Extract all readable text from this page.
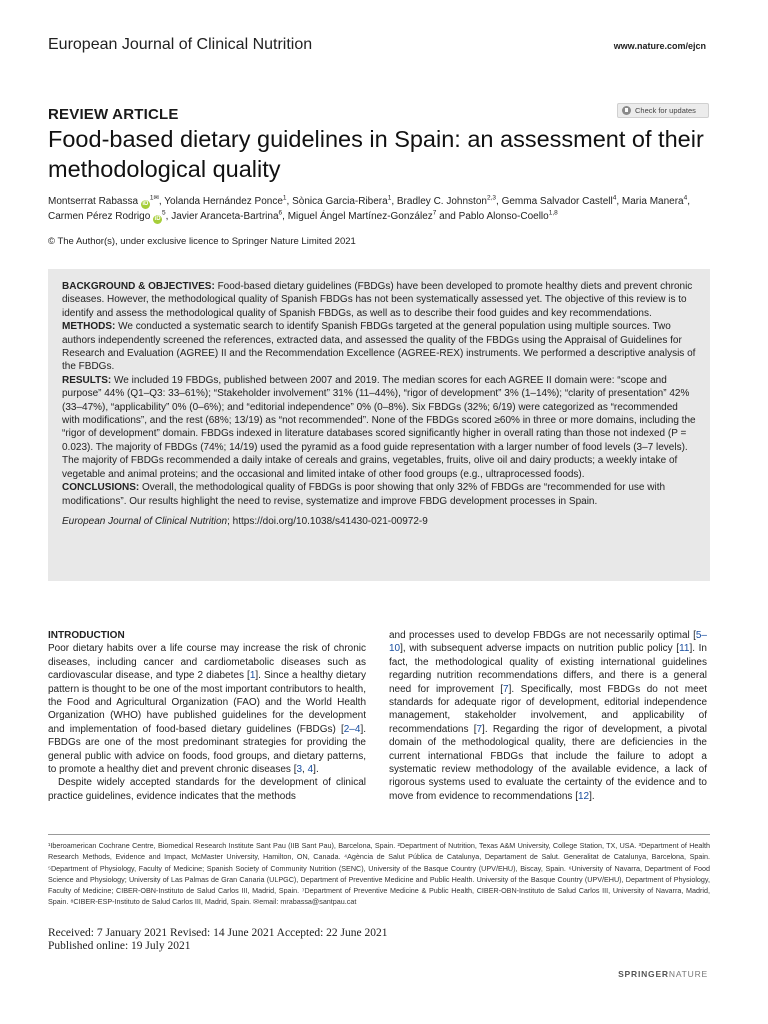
European Journal of Clinical Nutrition	www.nature.com/ejcn
REVIEW ARTICLE	Check for updates
Food-based dietary guidelines in Spain: an assessment of their methodological quality
Montserrat Rabassa $iD^{1✉}$, Yolanda Hernández Ponce$^1$, Sònica Garcia-Ribera$^1$, Bradley C. Johnston$^{2,3}$, Gemma Salvador Castell$^4$, Maria Manera$^4$, Carmen Pérez Rodrigo $iD^5$, Javier Aranceta-Bartrina$^6$, Miguel Ángel Martínez-González$^7$ and Pablo Alonso-Coello$^{1,8}$
© The Author(s), under exclusive licence to Springer Nature Limited 2021

BACKGROUND & OBJECTIVES: Food-based dietary guidelines (FBDGs) have been developed to promote healthy diets and prevent chronic diseases. However, the methodological quality of Spanish FBDGs has not been systematically assessed yet. The objective of this review is to identify and assess the methodological quality of Spanish FBDGs, as well as to describe their food guides and key recommendations.

METHODS: We conducted a systematic search to identify Spanish FBDGs targeted at the general population using multiple sources. Two authors independently screened the references, extracted data, and assessed the quality of the FBDGs using the Appraisal of Guidelines for Research and Evaluation (AGREE) II and the Recommendation Excellence (AGREE-REX) instruments. We performed a descriptive analysis of the FBDGs.

RESULTS: We included 19 FBDGs, published between 2007 and 2019. The median scores for each AGREE II domain were: “scope and purpose” 44% (Q1–Q3: 33–61%); “Stakeholder involvement” 31% (11–44%), “rigor of development” 3% (1–14%); “clarity of presentation” 42% (33–47%), “applicability” 0% (0–6%); and “editorial independence” 0% (0–8%). Six FBDGs (32%; 6/19) were categorized as “recommended with modifications”, and the rest (68%; 13/19) as “not recommended”. None of the FBDGs scored ≥60% in three or more domains, including the “rigor of development” domain. FBDGs indexed in literature databases scored significantly higher in overall rating than those not indexed (P = 0.023). The majority of FBDGs (74%; 14/19) used the pyramid as a food guide representation with a larger number of food levels (3–7 levels). The majority of FBDGs recommended a daily intake of cereals and grains, vegetables, fruits, olive oil and dairy products; a weekly intake of vegetable and animal proteins; and the occasional and limited intake of other food groups (e.g., ultraprocessed foods).

CONCLUSIONS: Overall, the methodological quality of FBDGs is poor showing that only 32% of FBDGs are “recommended for use with modifications”. Our results highlight the need to revise, systematize and improve FBDG development processes in Spain.

European Journal of Clinical Nutrition; https://doi.org/10.1038/s41430-021-00972-9

INTRODUCTION

Poor dietary habits over a life course may increase the risk of chronic diseases, including cancer and cardiometabolic diseases such as cardiovascular disease, and type 2 diabetes [1]. Since a healthy dietary pattern is thought to be one of the most important contributors to health, the Food and Agricultural Organization (FAO) and the World Health Organization (WHO) have published guidelines for the development and implementation of food-based dietary guidelines (FBDGs) [2–4]. FBDGs are one of the most predominant strategies for providing the general public with advice on foods, food groups, and dietary patterns, to promote a healthy diet and prevent chronic diseases [3, 4].

Despite widely accepted standards for the development of clinical practice guidelines, evidence indicates that the methods

and processes used to develop FBDGs are not necessarily optimal [5–10], with subsequent adverse impacts on nutrition public policy [11]. In fact, the methodological quality of existing international guidelines regarding nutrition recommendations differs, and there is a general need for improvement [7]. Specifically, most FBDGs do not meet standards for adequate rigor of development, editorial independence management, stakeholder involvement, and applicability of recommendations [7]. Regarding the rigor of development, a pivotal domain of the methodological quality, there are deficiencies in the current international FBDGs that include the failure to adopt a systematic review methodology of the available evidence, a lack of rigorous systems used to evaluate the certainty of the evidence and to move from evidence to recommendations [12].

¹Iberoamerican Cochrane Centre, Biomedical Research Institute Sant Pau (IIB Sant Pau), Barcelona, Spain. ²Department of Nutrition, Texas A&M University, College Station, TX, USA. ³Department of Health Research Methods, Evidence and Impact, McMaster University, Hamilton, ON, Canada. ⁴Agència de Salut Pública de Catalunya, Departament de Salut. Generalitat de Catalunya, Barcelona, Spain. ⁵Department of Physiology, Faculty of Medicine; Spanish Society of Community Nutrition (SENC), University of the Basque Country (UPV/EHU), Biscay, Spain. ⁶University of Navarra, Department of Food Science and Physiology; University of Las Palmas de Gran Canaria (ULPGC), Department of Preventive Medicine and Public Health. University of the Basque Country (UPV/EHU), Department of Physiology, Faculty of Medicine; CIBER-OBN-Instituto de Salud Carlos III, Madrid, Spain. ⁷Department of Preventive Medicine & Public Health, CIBER-OBN-Instituto de Salud Carlos III, University of Navarra, Madrid, Spain. ⁸CIBER-ESP-Instituto de Salud Carlos III, Madrid, Spain. ✉email: mrabassa@santpau.cat
Received: 7 January 2021 Revised: 14 June 2021 Accepted: 22 June 2021
Published online: 19 July 2021
SPRINGERNATURE
